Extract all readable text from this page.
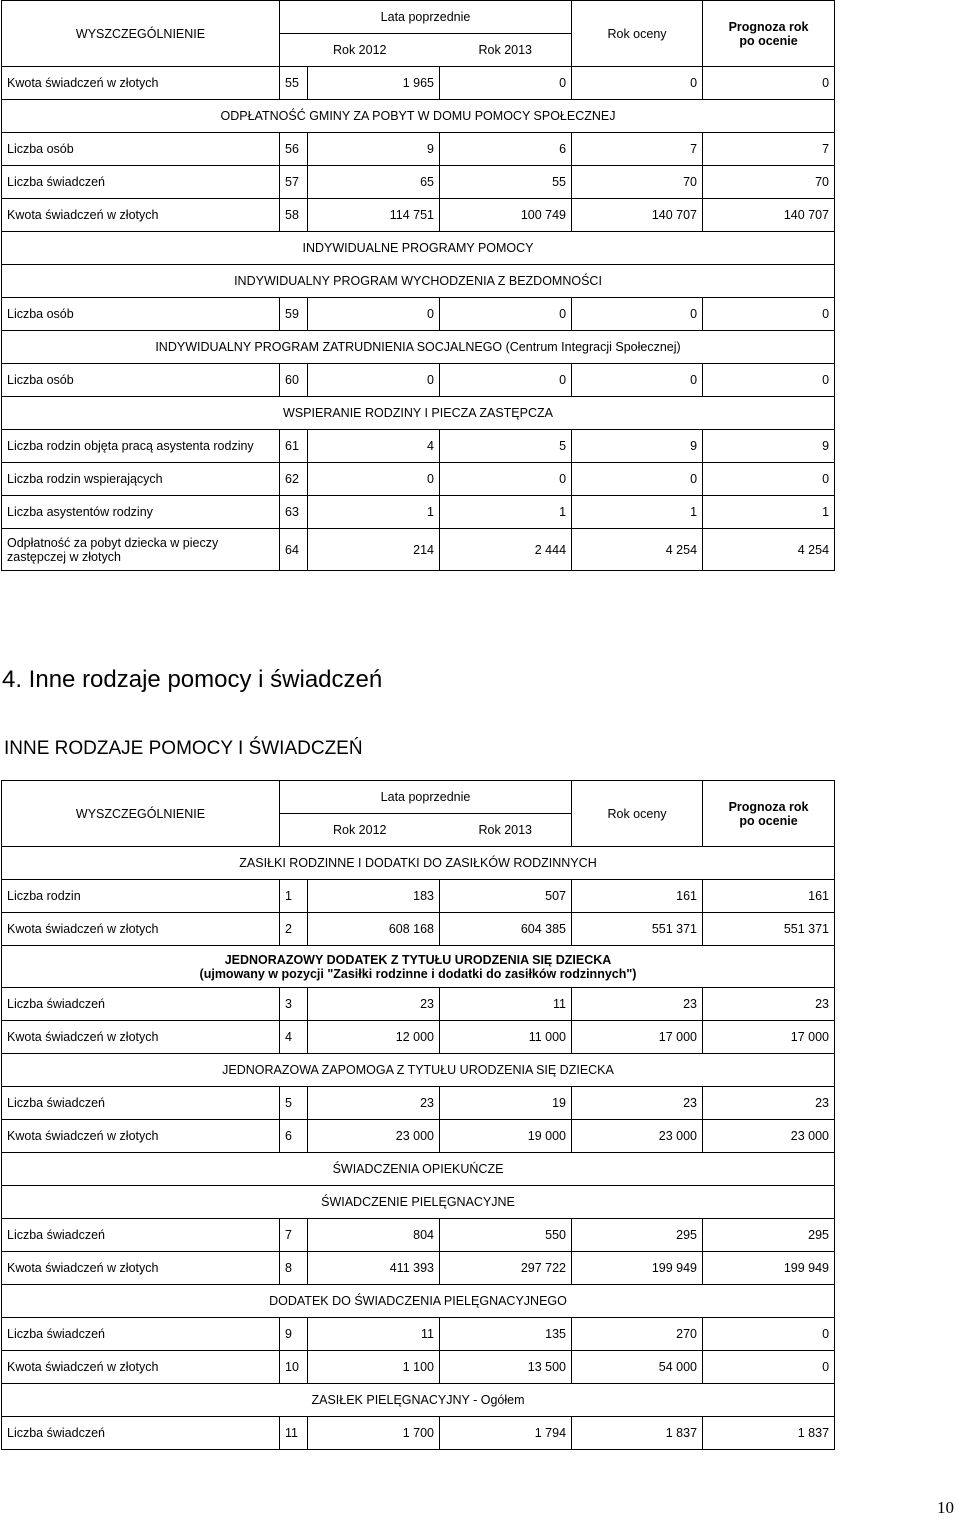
WYSZCZEGÓLNIENIE	Lata poprzednie			Rok oceny	Prognoza rok
po ocenie

	Rok 2012		Rok 2013		
Kwota świadczeń w złotych	55	1 965	0	0	0
ODPŁATNOŚĆ GMINY ZA POBYT W DOMU POMOCY SPOŁECZNEJ					
Liczba osób	56	9	6	7	7
Liczba świadczeń	57	65	55	70	70
Kwota świadczeń w złotych	58	114 751	100 749	140 707	140 707
INDYWIDUALNE PROGRAMY POMOCY					
INDYWIDUALNY PROGRAM WYCHODZENIA Z BEZDOMNOŚCI					
Liczba osób	59	0	0	0	0
INDYWIDUALNY PROGRAM ZATRUDNIENIA SOCJALNEGO (Centrum Integracji Społecznej)					
Liczba osób	60	0	0	0	0
WSPIERANIE RODZINY I PIECZA ZASTĘPCZA					
Liczba rodzin objęta pracą asystenta rodziny	61	4	5	9	9
Liczba rodzin wspierających	62	0	0	0	0
Liczba asystentów rodziny	63	1	1	1	1
Odpłatność za pobyt dziecka w pieczy zastępczej w złotych	64	214	2 444	4 254	4 254
4. Inne rodzaje pomocy i świadczeń
INNE RODZAJE POMOCY I ŚWIADCZEŃ
WYSZCZEGÓLNIENIE	Lata poprzednie			Rok oceny	Prognoza rok
po ocenie

	Rok 2012		Rok 2013		
ZASIŁKI RODZINNE I DODATKI DO ZASIŁKÓW RODZINNYCH					
Liczba rodzin	1	183	507	161	161
Kwota świadczeń w złotych	2	608 168	604 385	551 371	551 371

JEDNORAZOWY DODATEK Z TYTUŁU URODZENIA SIĘ DZIECKA
(ujmowany w pozycji "Zasiłki rodzinne i dodatki do zasiłków rodzinnych")					

Liczba świadczeń	3	23	11	23	23
Kwota świadczeń w złotych	4	12 000	11 000	17 000	17 000
JEDNORAZOWA ZAPOMOGA Z TYTUŁU URODZENIA SIĘ DZIECKA					
Liczba świadczeń	5	23	19	23	23
Kwota świadczeń w złotych	6	23 000	19 000	23 000	23 000
ŚWIADCZENIA OPIEKUŃCZE					
ŚWIADCZENIE PIELĘGNACYJNE					
Liczba świadczeń	7	804	550	295	295
Kwota świadczeń w złotych	8	411 393	297 722	199 949	199 949
DODATEK DO ŚWIADCZENIA PIELĘGNACYJNEGO					
Liczba świadczeń	9	11	135	270	0
Kwota świadczeń w złotych	10	1 100	13 500	54 000	0
ZASIŁEK PIELĘGNACYJNY - Ogółem					
Liczba świadczeń	11	1 700	1 794	1 837	1 837
10
